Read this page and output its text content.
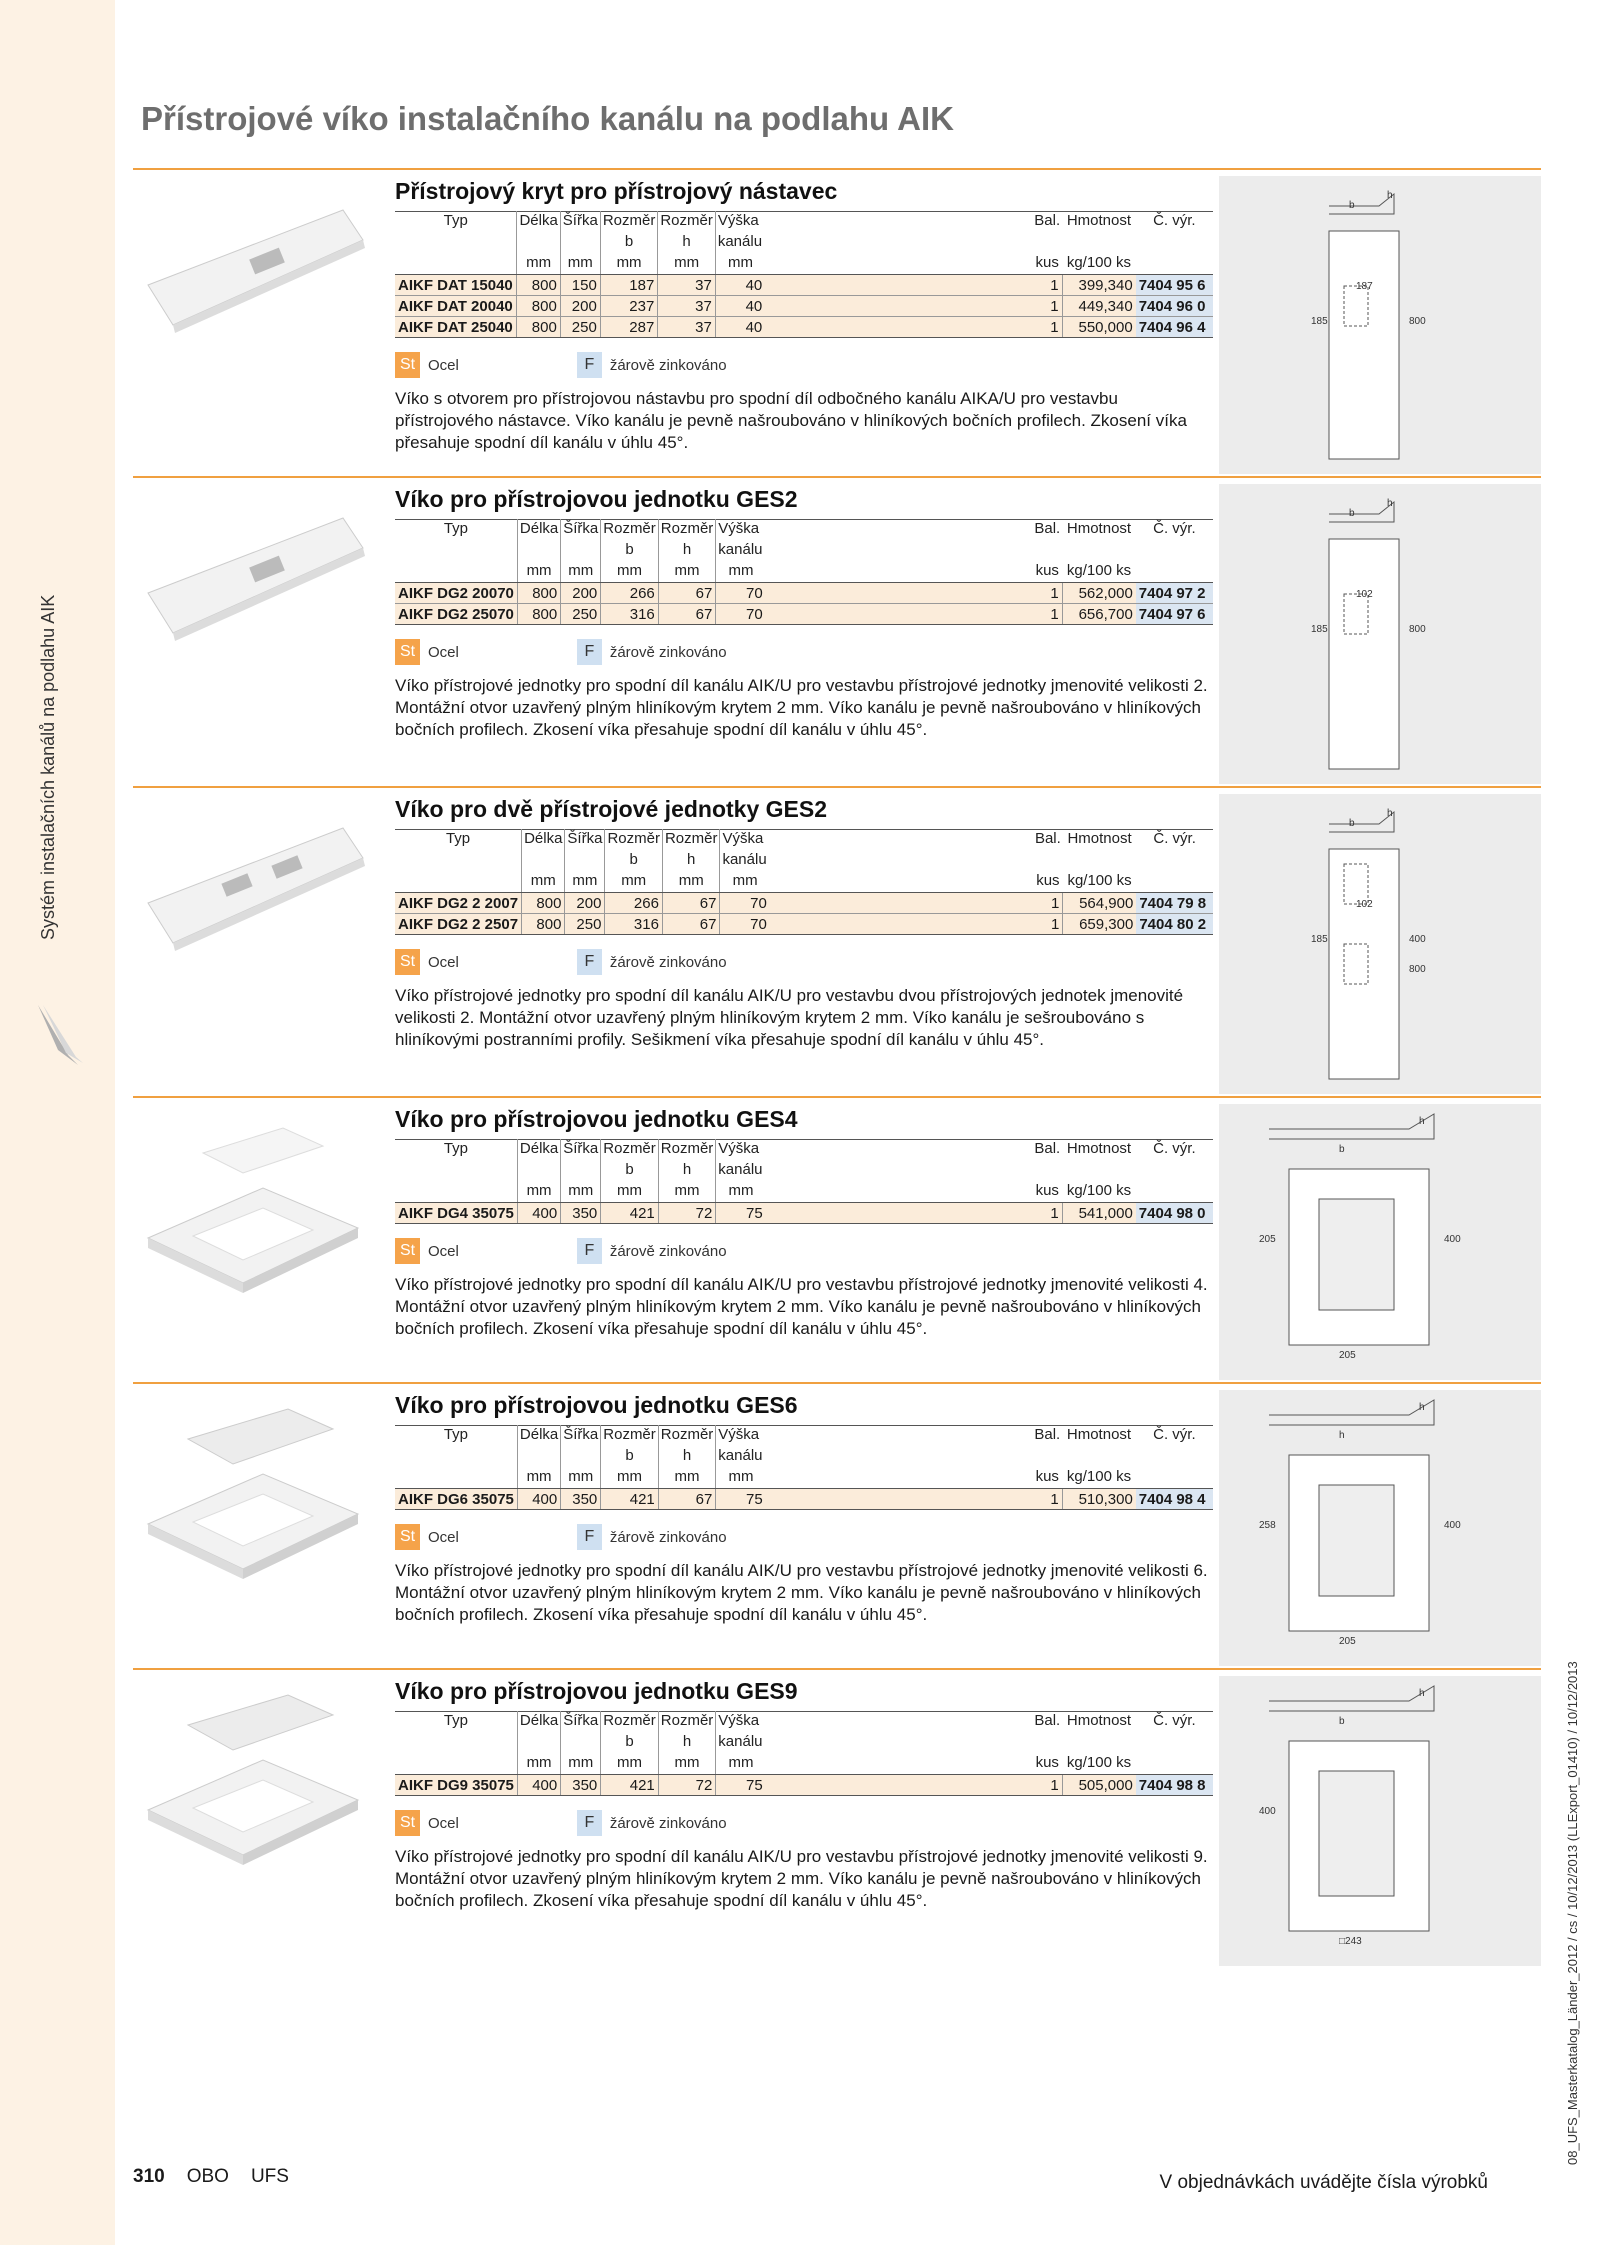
Systém instalačních kanálů na podlahu AIK
Přístrojové víko instalačního kanálu na podlahu AIK
b
h
187
185	800
Přístrojový kryt pro přístrojový nástavec
Typ	Délka	Šířka	Rozměr	Rozměr	Výška		Bal.	Hmotnost	Č. výr.
			b	h	kanálu				
	mm	mm	mm	mm	mm		kus	kg/100 ks	
AIKF DAT 15040	800	150	187	37	40		1	399,340	7404 95 6
AIKF DAT 20040	800	200	237	37	40		1	449,340	7404 96 0
AIKF DAT 25040	800	250	287	37	40		1	550,000	7404 96 4
St Ocel	F	žárově zinkováno

Víko s otvorem pro přístrojovou nástavbu pro spodní díl odbočného kanálu AIKA/U pro vestavbu přístrojového nástavce. Víko kanálu je pevně našroubováno v hliníkových bočních profilech. Zkosení víka přesahuje spodní díl kanálu v úhlu 45°.

b
h
102
185	800
Víko pro přístrojovou jednotku GES2
Typ	Délka	Šířka	Rozměr	Rozměr	Výška		Bal.	Hmotnost	Č. výr.
			b	h	kanálu				
	mm	mm	mm	mm	mm		kus	kg/100 ks	
AIKF DG2 20070	800	200	266	67	70		1	562,000	7404 97 2
AIKF DG2 25070	800	250	316	67	70		1	656,700	7404 97 6
St Ocel	F	žárově zinkováno

Víko přístrojové jednotky pro spodní díl kanálu AIK/U pro vestavbu přístrojové jednotky jmenovité velikosti 2. Montážní otvor uzavřený plným hliníkovým krytem 2 mm. Víko kanálu je pevně našroubováno v hliníkových bočních profilech. Zkosení víka přesahuje spodní díl kanálu v úhlu 45°.

b
h
102
185	400
800
Víko pro dvě přístrojové jednotky GES2
Typ	Délka	Šířka	Rozměr	Rozměr	Výška		Bal.	Hmotnost	Č. výr.
			b	h	kanálu				
	mm	mm	mm	mm	mm		kus	kg/100 ks	
AIKF DG2 2 2007	800	200	266	67	70		1	564,900	7404 79 8
AIKF DG2 2 2507	800	250	316	67	70		1	659,300	7404 80 2
St Ocel	F	žárově zinkováno

Víko přístrojové jednotky pro spodní díl kanálu AIK/U pro vestavbu dvou přístrojových jednotek jmenovité velikosti 2. Montážní otvor uzavřený plným hliníkovým krytem 2 mm. Víko kanálu je sešroubováno s hliníkovými postranními profily. Sešikmení víka přesahuje spodní díl kanálu v úhlu 45°.

b
h
205
205
400
Víko pro přístrojovou jednotku GES4
Typ	Délka	Šířka	Rozměr	Rozměr	Výška		Bal.	Hmotnost	Č. výr.
			b	h	kanálu				
	mm	mm	mm	mm	mm		kus	kg/100 ks	
AIKF DG4 35075	400	350	421	72	75		1	541,000	7404 98 0
St Ocel	F	žárově zinkováno

Víko přístrojové jednotky pro spodní díl kanálu AIK/U pro vestavbu přístrojové jednotky jmenovité velikosti 4. Montážní otvor uzavřený plným hliníkovým krytem 2 mm. Víko kanálu je pevně našroubováno v hliníkových bočních profilech. Zkosení víka přesahuje spodní díl kanálu v úhlu 45°.

h
h
258
205
400
Víko pro přístrojovou jednotku GES6
Typ	Délka	Šířka	Rozměr	Rozměr	Výška		Bal.	Hmotnost	Č. výr.
			b	h	kanálu				
	mm	mm	mm	mm	mm		kus	kg/100 ks	
AIKF DG6 35075	400	350	421	67	75		1	510,300	7404 98 4
St Ocel	F	žárově zinkováno

Víko přístrojové jednotky pro spodní díl kanálu AIK/U pro vestavbu přístrojové jednotky jmenovité velikosti 6. Montážní otvor uzavřený plným hliníkovým krytem 2 mm. Víko kanálu je pevně našroubováno v hliníkových bočních profilech. Zkosení víka přesahuje spodní díl kanálu v úhlu 45°.

b
h
400
□243
Víko pro přístrojovou jednotku GES9
Typ	Délka	Šířka	Rozměr	Rozměr	Výška		Bal.	Hmotnost	Č. výr.
			b	h	kanálu				
	mm	mm	mm	mm	mm		kus	kg/100 ks	
AIKF DG9 35075	400	350	421	72	75		1	505,000	7404 98 8
St Ocel	F	žárově zinkováno

Víko přístrojové jednotky pro spodní díl kanálu AIK/U pro vestavbu přístrojové jednotky jmenovité velikosti 9. Montážní otvor uzavřený plným hliníkovým krytem 2 mm. Víko kanálu je pevně našroubováno v hliníkových bočních profilech. Zkosení víka přesahuje spodní díl kanálu v úhlu 45°.

310 OBO UFS	V objednávkách uvádějte čísla výrobků
08_UFS_Masterkatalog_Länder_2012 / cs / 10/12/2013 (LLExport_01410) / 10/12/2013
